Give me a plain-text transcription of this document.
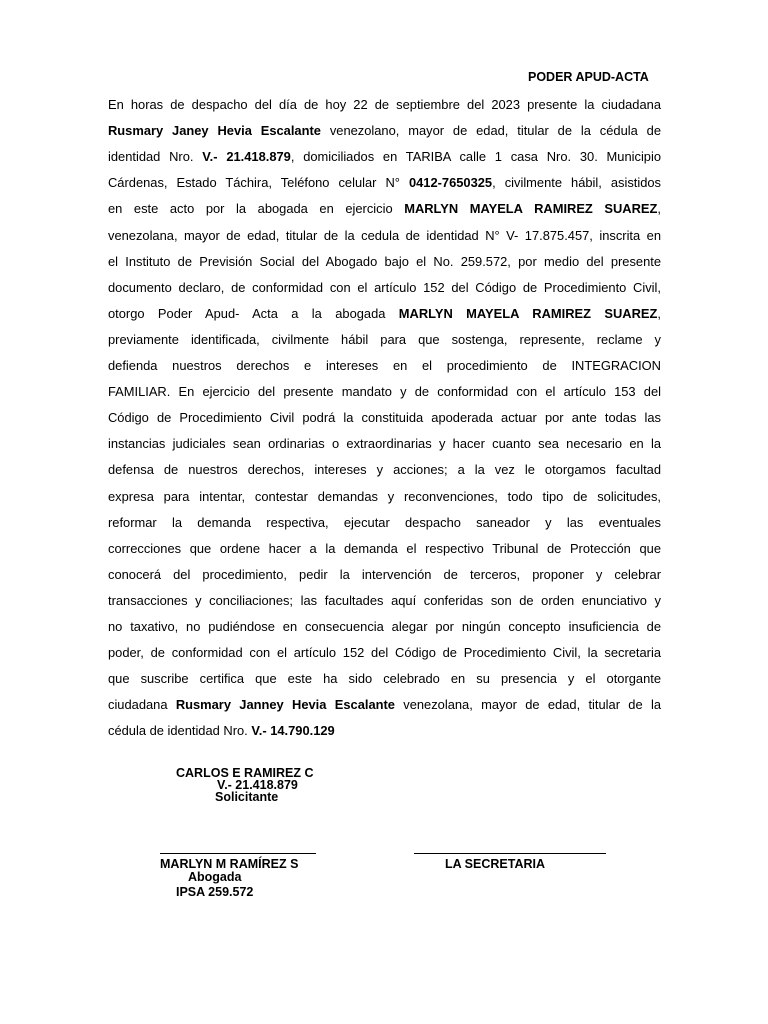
PODER APUD-ACTA
En horas de despacho del día de hoy 22 de septiembre del 2023 presente la ciudadana
Rusmary Janey Hevia Escalante venezolano, mayor de edad, titular de la cédula de
identidad Nro. V.- 21.418.879, domiciliados en TARIBA calle 1 casa Nro. 30. Municipio
Cárdenas, Estado Táchira, Teléfono celular N° 0412-7650325, civilmente hábil, asistidos
en este acto por la abogada en ejercicio MARLYN MAYELA RAMIREZ SUAREZ,
venezolana, mayor de edad, titular de la cedula de identidad N° V- 17.875.457, inscrita en
el Instituto de Previsión Social del Abogado bajo el No. 259.572, por medio del presente
documento declaro, de conformidad con el artículo 152 del Código de Procedimiento Civil,
otorgo Poder Apud- Acta a la abogada MARLYN MAYELA RAMIREZ SUAREZ,
previamente identificada, civilmente hábil para que sostenga, represente, reclame y
defienda nuestros derechos e intereses en el procedimiento de INTEGRACION
FAMILIAR. En ejercicio del presente mandato y de conformidad con el artículo 153 del
Código de Procedimiento Civil podrá la constituida apoderada actuar por ante todas las
instancias judiciales sean ordinarias o extraordinarias y hacer cuanto sea necesario en la
defensa de nuestros derechos, intereses y acciones; a la vez le otorgamos facultad
expresa para intentar, contestar demandas y reconvenciones, todo tipo de solicitudes,
reformar la demanda respectiva, ejecutar despacho saneador y las eventuales
correcciones que ordene hacer a la demanda el respectivo Tribunal de Protección que
conocerá del procedimiento, pedir la intervención de terceros, proponer y celebrar
transacciones y conciliaciones; las facultades aquí conferidas son de orden enunciativo y
no taxativo, no pudiéndose en consecuencia alegar por ningún concepto insuficiencia de
poder, de conformidad con el artículo 152 del Código de Procedimiento Civil, la secretaria
que suscribe certifica que este ha sido celebrado en su presencia y el otorgante
ciudadana Rusmary Janney Hevia Escalante venezolana, mayor de edad, titular de la
cédula de identidad Nro. V.- 14.790.129
CARLOS E RAMIREZ C
V.- 21.418.879
Solicitante
MARLYN M RAMÍREZ S
Abogada
IPSA 259.572
LA SECRETARIA
